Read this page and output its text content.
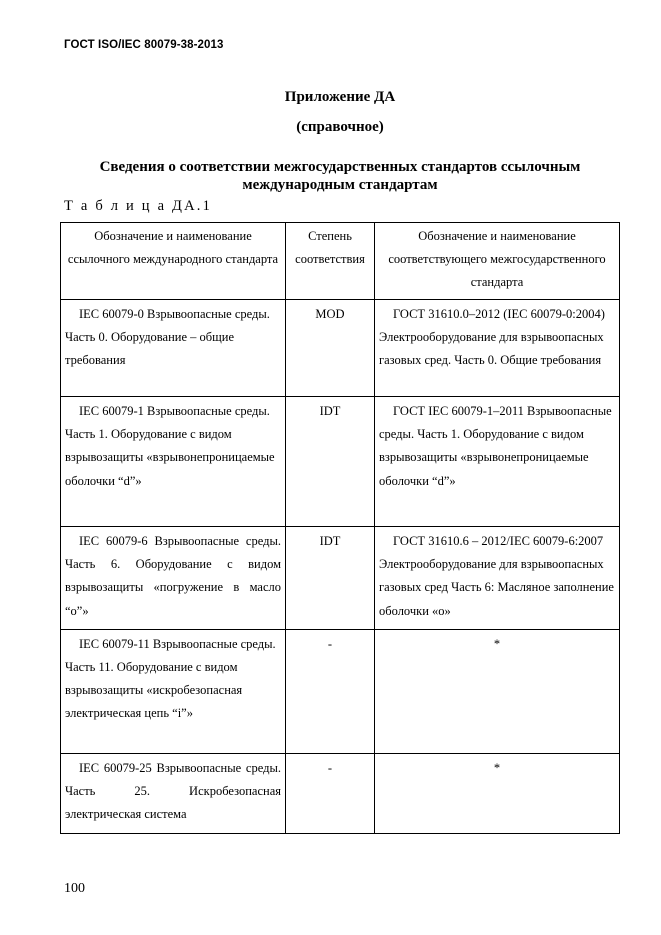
ГОСТ ISO/IEC 80079-38-2013
Приложение ДА
(справочное)
Сведения о соответствии межгосударственных стандартов ссылочным международным стандартам
Т а б л и ц а ДА.1
Обозначение и наименование ссылочного международного стандарта	Степень соответствия	Обозначение и наименование соответствующего межгосударственного стандарта
IEC 60079-0 Взрывоопасные среды. Часть 0. Оборудование – общие требования	MOD	ГОСТ 31610.0–2012 (IEC 60079-0:2004) Электрооборудование для взрывоопасных газовых сред. Часть 0. Общие требования
IEC 60079-1 Взрывоопасные среды. Часть 1. Оборудование с видом взрывозащиты «взрывонепроницаемые оболочки “d”»	IDT	ГОСТ IEC 60079-1–2011 Взрывоопасные среды. Часть 1. Оборудование с видом взрывозащиты «взрывонепроницаемые оболочки “d”»
IEC 60079-6 Взрывоопасные среды. Часть 6. Оборудование с видом взрывозащиты «погружение в масло “о”»	IDT	ГОСТ 31610.6 – 2012/IEC 60079-6:2007 Электрооборудование для взрывоопасных газовых сред Часть 6: Масляное заполнение оболочки «о»
IEC 60079-11 Взрывоопасные среды. Часть 11. Оборудование с видом взрывозащиты «искробезопасная электрическая цепь “i”»	-	*
IEC 60079-25 Взрывоопасные среды. Часть 25. Искробезопасная электрическая система	-	*
100
